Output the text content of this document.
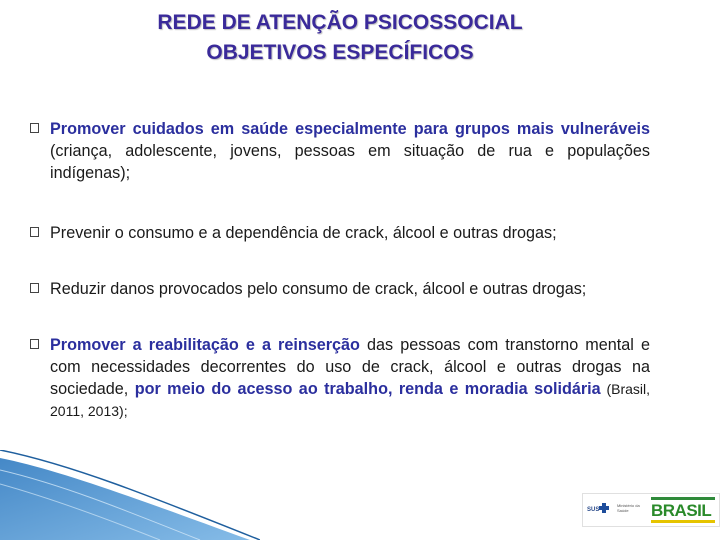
REDE DE ATENÇÃO PSICOSSOCIAL
OBJETIVOS ESPECÍFICOS
Promover cuidados em saúde especialmente para grupos mais vulneráveis (criança, adolescente, jovens, pessoas em situação de rua e populações indígenas);
Prevenir o consumo e a dependência de crack, álcool e outras drogas;
Reduzir danos provocados pelo consumo de crack, álcool e outras drogas;
Promover a reabilitação e a reinserção das pessoas com transtorno mental e com necessidades decorrentes do uso de crack, álcool e outras drogas na sociedade, por meio do acesso ao trabalho, renda e moradia solidária (Brasil, 2011, 2013);
SUS
Ministério da Saúde	BRASIL
